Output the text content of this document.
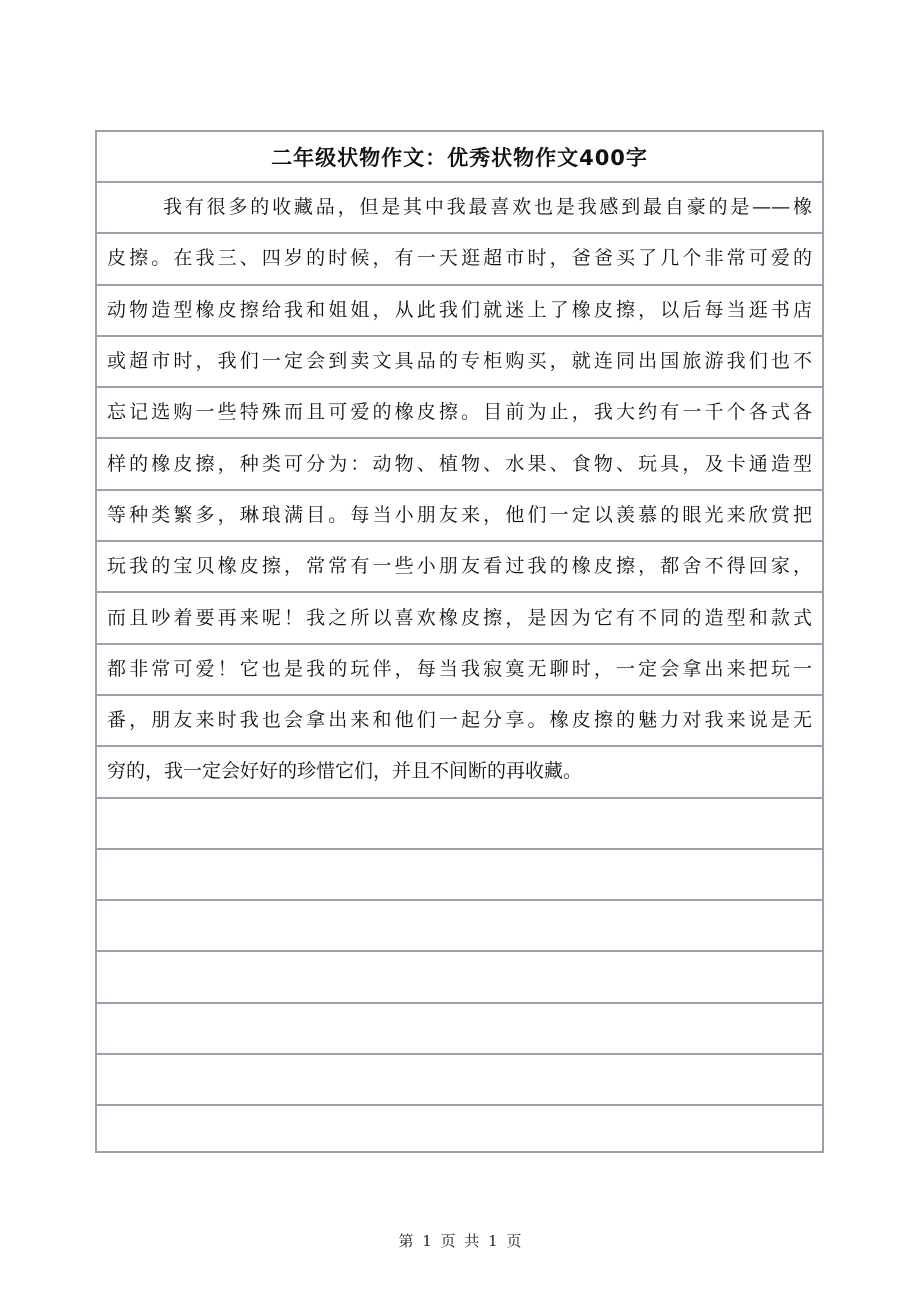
二年级状物作文：优秀状物作文400字
我有很多的收藏品，但是其中我最喜欢也是我感到最自豪的是——橡
皮擦。在我三、四岁的时候，有一天逛超市时，爸爸买了几个非常可爱的
动物造型橡皮擦给我和姐姐，从此我们就迷上了橡皮擦，以后每当逛书店
或超市时，我们一定会到卖文具品的专柜购买，就连同出国旅游我们也不
忘记选购一些特殊而且可爱的橡皮擦。目前为止，我大约有一千个各式各
样的橡皮擦，种类可分为：动物、植物、水果、食物、玩具，及卡通造型
等种类繁多，琳琅满目。每当小朋友来，他们一定以羡慕的眼光来欣赏把
玩我的宝贝橡皮擦，常常有一些小朋友看过我的橡皮擦，都舍不得回家，
而且吵着要再来呢！我之所以喜欢橡皮擦，是因为它有不同的造型和款式
都非常可爱！它也是我的玩伴，每当我寂寞无聊时，一定会拿出来把玩一
番，朋友来时我也会拿出来和他们一起分享。橡皮擦的魅力对我来说是无
穷的，我一定会好好的珍惜它们，并且不间断的再收藏。
第 1 页 共 1 页
